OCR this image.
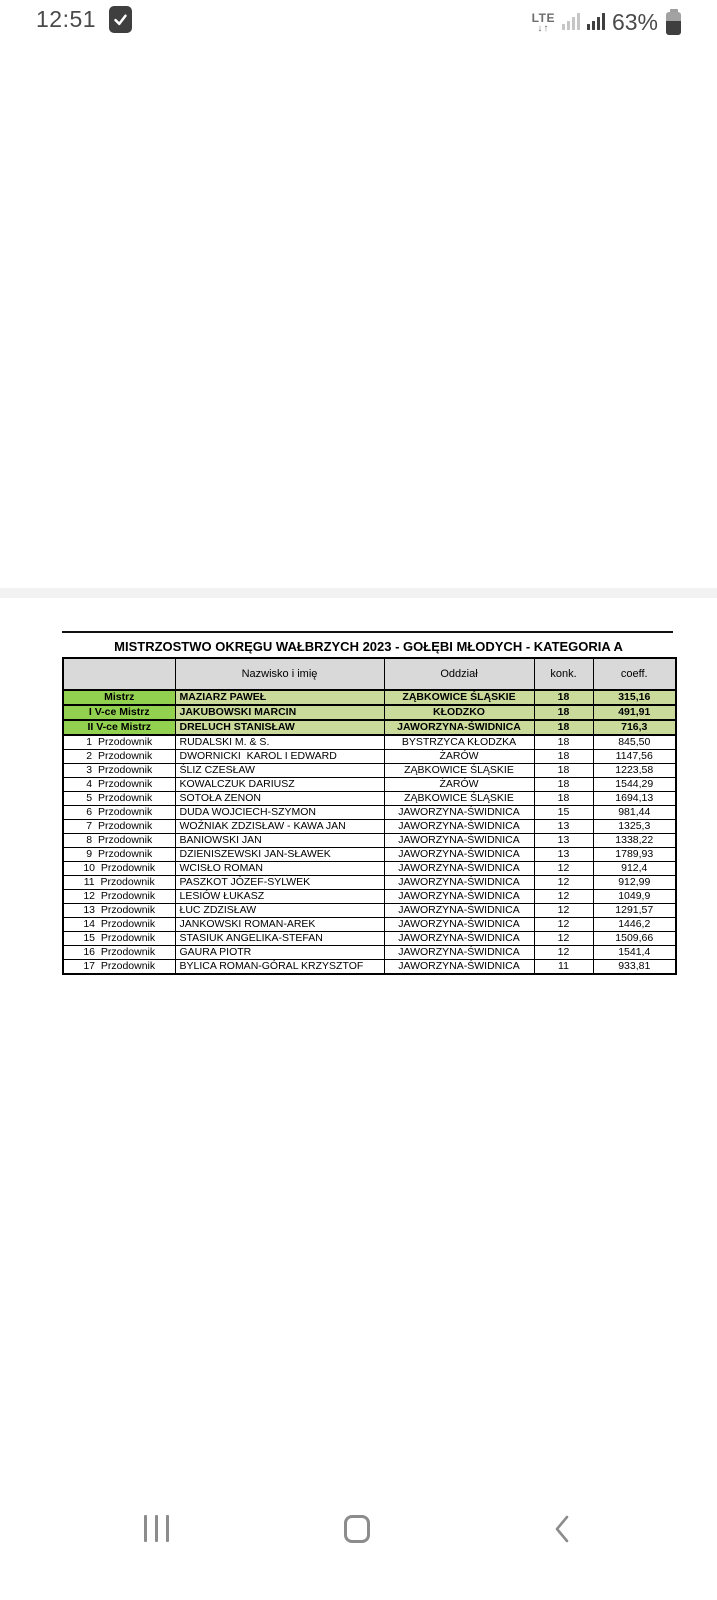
12:51	LTE
↓↑	63%
MISTRZOSTWO OKRĘGU WAŁBRZYCH 2023 - GOŁĘBI MŁODYCH - KATEGORIA A
	Nazwisko i imię	Oddział	konk.	coeff.
Mistrz	MAZIARZ PAWEŁ	ZĄBKOWICE ŚLĄSKIE	18	315,16
I V-ce Mistrz	JAKUBOWSKI MARCIN	KŁODZKO	18	491,91
II V-ce Mistrz	DRELUCH STANISŁAW	JAWORZYNA-ŚWIDNICA	18	716,3
1  Przodownik	RUDALSKI M. & S.	BYSTRZYCA KŁODZKA	18	845,50
2  Przodownik	DWORNICKI  KAROL I EDWARD	ŻARÓW	18	1147,56
3  Przodownik	ŚLIZ CZESŁAW	ZĄBKOWICE ŚLĄSKIE	18	1223,58
4  Przodownik	KOWALCZUK DARIUSZ	ŻARÓW	18	1544,29
5  Przodownik	SOTOŁA ZENON	ZĄBKOWICE ŚLĄSKIE	18	1694,13
6  Przodownik	DUDA WOJCIECH-SZYMON	JAWORZYNA-ŚWIDNICA	15	981,44
7  Przodownik	WOŹNIAK ZDZISŁAW - KAWA JAN	JAWORZYNA-ŚWIDNICA	13	1325,3
8  Przodownik	BANIOWSKI JAN	JAWORZYNA-ŚWIDNICA	13	1338,22
9  Przodownik	DZIENISZEWSKI JAN-SŁAWEK	JAWORZYNA-ŚWIDNICA	13	1789,93
10  Przodownik	WCISŁO ROMAN	JAWORZYNA-ŚWIDNICA	12	912,4
11  Przodownik	PASZKOT JÓZEF-SYLWEK	JAWORZYNA-ŚWIDNICA	12	912,99
12  Przodownik	LESIÓW ŁUKASZ	JAWORZYNA-ŚWIDNICA	12	1049,9
13  Przodownik	ŁUC ZDZISŁAW	JAWORZYNA-ŚWIDNICA	12	1291,57
14  Przodownik	JANKOWSKI ROMAN-AREK	JAWORZYNA-ŚWIDNICA	12	1446,2
15  Przodownik	STASIUK ANGELIKA-STEFAN	JAWORZYNA-ŚWIDNICA	12	1509,66
16  Przodownik	GAURA PIOTR	JAWORZYNA-ŚWIDNICA	12	1541,4
17  Przodownik	BYLICA ROMAN-GÓRAL KRZYSZTOF	JAWORZYNA-ŚWIDNICA	11	933,81
